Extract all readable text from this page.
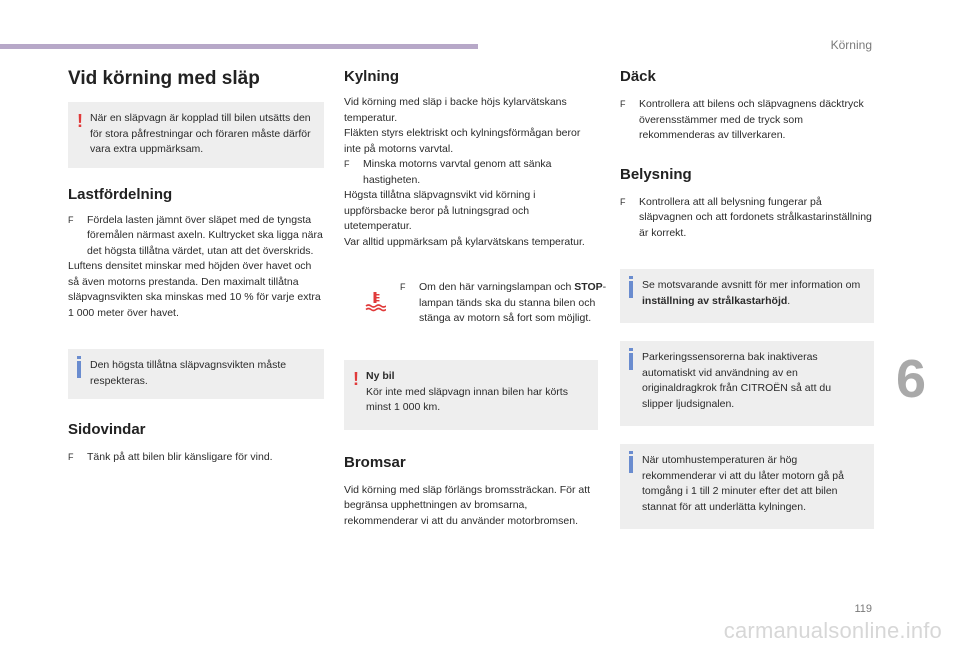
Körning
6
119
carmanualsonline.info
Vid körning med släp
! När en släpvagn är kopplad till bilen utsätts den för stora påfrestningar och föraren måste därför vara extra uppmärksam.
Lastfördelning
F Fördela lasten jämnt över släpet med de tyngsta föremålen närmast axeln. Kultrycket ska ligga nära det högsta tillåtna värdet, utan att det överskrids.

Luftens densitet minskar med höjden över havet och så även motorns prestanda. Den maximalt tillåtna släpvagnsvikten ska minskas med 10 % för varje extra 1 000 meter över havet.

Den högsta tillåtna släpvagnsvikten måste respekteras.
Sidovindar
F Tänk på att bilen blir känsligare för vind.
Kylning

Vid körning med släp i backe höjs kylarvätskans temperatur.

Fläkten styrs elektriskt och kylningsförmågan beror inte på motorns varvtal.

F Minska motorns varvtal genom att sänka hastigheten.

Högsta tillåtna släpvagnsvikt vid körning i uppförsbacke beror på lutningsgrad och utetemperatur.

Var alltid uppmärksam på kylarvätskans temperatur.

F Om den här varningslampan och STOP-lampan tänds ska du stanna bilen och stänga av motorn så fort som möjligt.
! Ny bil
Kör inte med släpvagn innan bilen har körts minst 1 000 km.
Bromsar

Vid körning med släp förlängs bromssträckan. För att begränsa upphettningen av bromsarna, rekommenderar vi att du använder motorbromsen.

Däck
F Kontrollera att bilens och släpvagnens däcktryck överensstämmer med de tryck som rekommenderas av tillverkaren.
Belysning
F Kontrollera att all belysning fungerar på släpvagnen och att fordonets strålkastarinställning är korrekt.
Se motsvarande avsnitt för mer information om inställning av strålkastarhöjd.
Parkeringssensorerna bak inaktiveras automatiskt vid användning av en originaldragkrok från CITROËN så att du slipper ljudsignalen.
När utomhustemperaturen är hög rekommenderar vi att du låter motorn gå på tomgång i 1 till 2 minuter efter det att bilen stannat för att underlätta kylningen.
